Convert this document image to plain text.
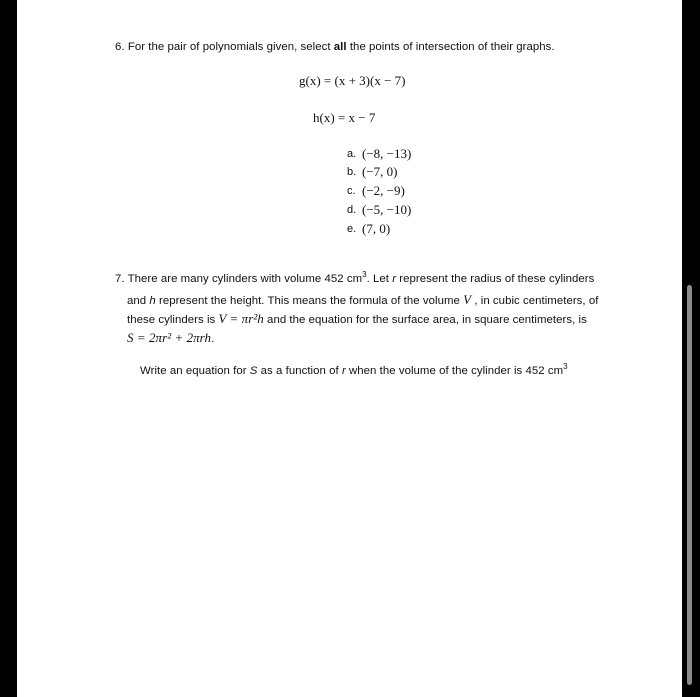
6. For the pair of polynomials given, select all the points of intersection of their graphs.
g(x) = (x + 3)(x − 7)
h(x) = x − 7
a. (−8, −13)
b. (−7, 0)
c. (−2, −9)
d. (−5, −10)
e. (7, 0)
7. There are many cylinders with volume 452 $cm^3$. Let r represent the radius of these cylinders
and h represent the height. This means the formula of the volume V , in cubic centimeters, of
these cylinders is V = πr²h and the equation for the surface area, in square centimeters, is
S = 2πr² + 2πrh.
Write an equation for S as a function of r when the volume of the cylinder is 452 $cm^3$
